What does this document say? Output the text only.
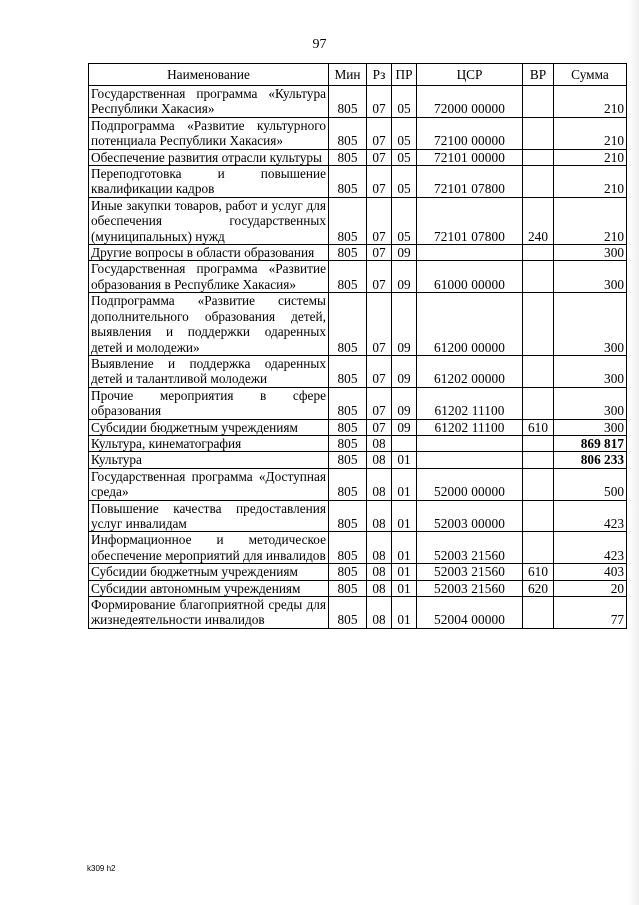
97
Наименование	Мин	Рз	ПР	ЦСР	ВР	Сумма
Государственная программа «Культура Республики Хакасия»	805	07	05	72000 00000		210
Подпрограмма «Развитие культурного потенциала Республики Хакасия»	805	07	05	72100 00000		210
Обеспечение развития отрасли культуры	805	07	05	72101 00000		210
Переподготовка и повышение квалификации кадров	805	07	05	72101 07800		210
Иные закупки товаров, работ и услуг для обеспечения государственных (муниципальных) нужд	805	07	05	72101 07800	240	210
Другие вопросы в области образования	805	07	09			300
Государственная программа «Развитие образования в Республике Хакасия»	805	07	09	61000 00000		300
Подпрограмма «Развитие системы дополнительного образования детей, выявления и поддержки одаренных детей и молодежи»	805	07	09	61200 00000		300
Выявление и поддержка одаренных детей и талантливой молодежи	805	07	09	61202 00000		300
Прочие мероприятия в сфере образования	805	07	09	61202 11100		300
Субсидии бюджетным учреждениям	805	07	09	61202 11100	610	300
Культура, кинематография	805	08				869 817
Культура	805	08	01			806 233
Государственная программа «Доступная среда»	805	08	01	52000 00000		500
Повышение качества предоставления услуг инвалидам	805	08	01	52003 00000		423
Информационное и методическое обеспечение мероприятий для инвалидов	805	08	01	52003 21560		423
Субсидии бюджетным учреждениям	805	08	01	52003 21560	610	403
Субсидии автономным учреждениям	805	08	01	52003 21560	620	20
Формирование благоприятной среды для жизнедеятельности инвалидов	805	08	01	52004 00000		77
k309 h2
